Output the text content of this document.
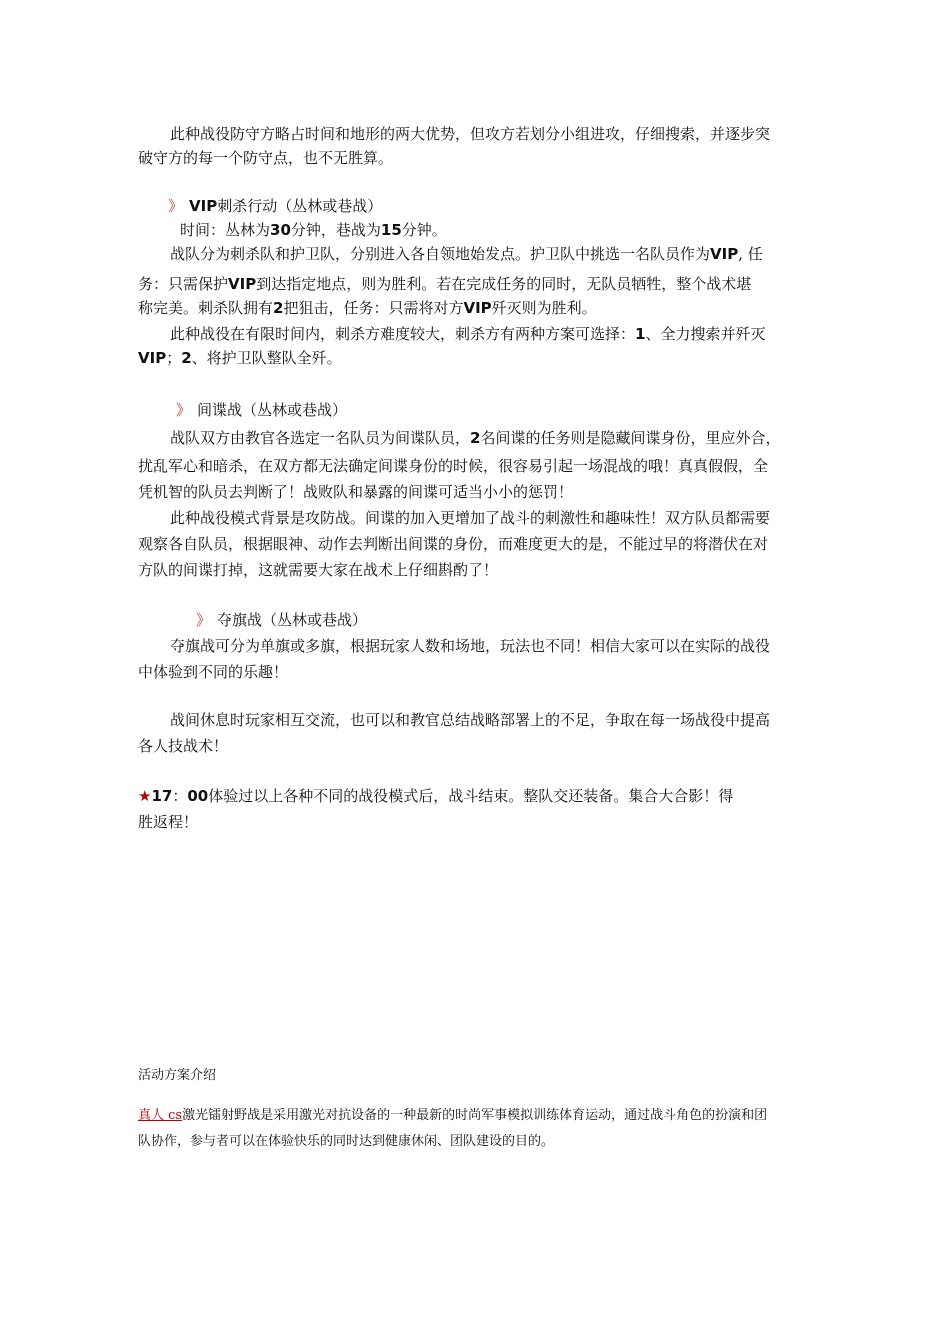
此种战役防守方略占时间和地形的两大优势，但攻方若划分小组进攻，仔细搜索，并逐步突
破守方的每一个防守点，也不无胜算。
》 VIP刺杀行动（丛林或巷战）
时间：丛林为30分钟，巷战为15分钟。
战队分为刺杀队和护卫队，分别进入各自领地始发点。护卫队中挑选一名队员作为VIP, 任
务：只需保护VIP到达指定地点，则为胜利。若在完成任务的同时，无队员牺牲，整个战术堪
称完美。刺杀队拥有2把狙击，任务：只需将对方VIP歼灭则为胜利。
此种战役在有限时间内，刺杀方难度较大，刺杀方有两种方案可选择：1、全力搜索并歼灭
VIP；2、将护卫队整队全歼。
》 间谍战（丛林或巷战）
战队双方由教官各选定一名队员为间谍队员，2名间谍的任务则是隐藏间谍身份，里应外合，
扰乱军心和暗杀，在双方都无法确定间谍身份的时候，很容易引起一场混战的哦！真真假假，全
凭机智的队员去判断了！战败队和暴露的间谍可适当小小的惩罚！
此种战役模式背景是攻防战。间谍的加入更增加了战斗的刺激性和趣味性！双方队员都需要
观察各自队员，根据眼神、动作去判断出间谍的身份，而难度更大的是，不能过早的将潜伏在对
方队的间谍打掉，这就需要大家在战术上仔细斟酌了！
》 夺旗战（丛林或巷战）
夺旗战可分为单旗或多旗，根据玩家人数和场地，玩法也不同！相信大家可以在实际的战役
中体验到不同的乐趣！
战间休息时玩家相互交流，也可以和教官总结战略部署上的不足，争取在每一场战役中提高
各人技战术！
★17：00体验过以上各种不同的战役模式后，战斗结束。整队交还装备。集合大合影！得
胜返程！
活动方案介绍
真人 cs激光镭射野战是采用激光对抗设备的一种最新的时尚军事模拟训练体育运动，通过战斗角色的扮演和团
队协作，参与者可以在体验快乐的同时达到健康休闲、团队建设的目的。
